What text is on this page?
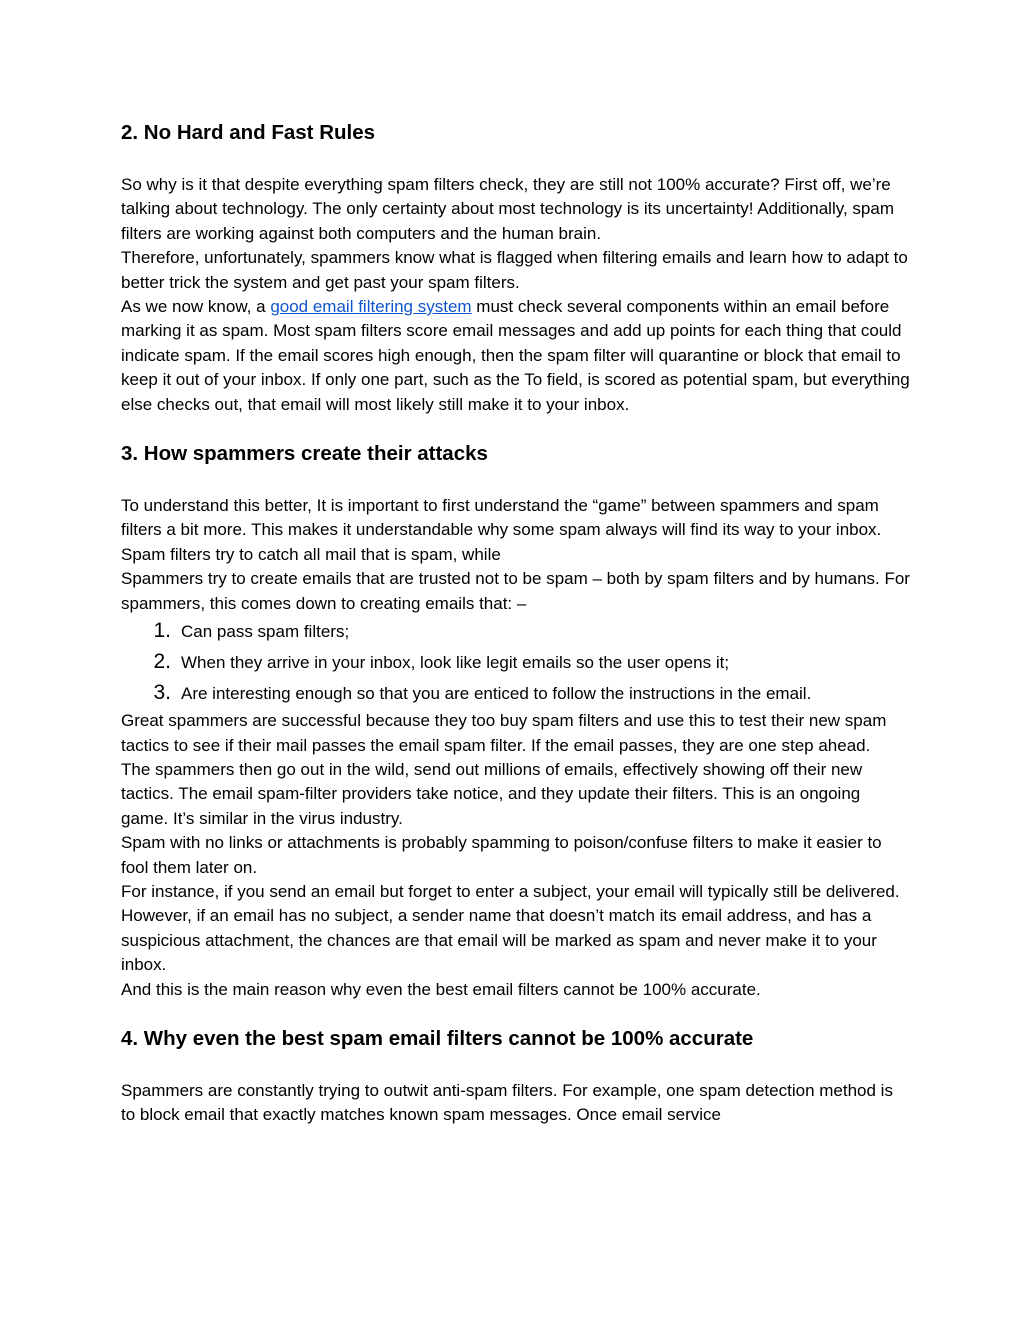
2. No Hard and Fast Rules

So why is it that despite everything spam filters check, they are still not 100% accurate? First off, we’re talking about technology. The only certainty about most technology is its uncertainty! Additionally, spam filters are working against both computers and the human brain.

Therefore, unfortunately, spammers know what is flagged when filtering emails and learn how to adapt to better trick the system and get past your spam filters.

As we now know, a good email filtering system must check several components within an email before marking it as spam. Most spam filters score email messages and add up points for each thing that could indicate spam. If the email scores high enough, then the spam filter will quarantine or block that email to keep it out of your inbox. If only one part, such as the To field, is scored as potential spam, but everything else checks out, that email will most likely still make it to your inbox.

3. How spammers create their attacks

To understand this better, It is important to first understand the “game” between spammers and spam filters a bit more. This makes it understandable why some spam always will find its way to your inbox.

Spam filters try to catch all mail that is spam, while

Spammers try to create emails that are trusted not to be spam – both by spam filters and by humans. For spammers, this comes down to creating emails that: –

1. Can pass spam filters;
2. When they arrive in your inbox, look like legit emails so the user opens it;
3. Are interesting enough so that you are enticed to follow the instructions in the email.

Great spammers are successful because they too buy spam filters and use this to test their new spam tactics to see if their mail passes the email spam filter. If the email passes, they are one step ahead.

The spammers then go out in the wild, send out millions of emails, effectively showing off their new tactics. The email spam-filter providers take notice, and they update their filters. This is an ongoing game. It’s similar in the virus industry.

Spam with no links or attachments is probably spamming to poison/confuse filters to make it easier to fool them later on.

For instance, if you send an email but forget to enter a subject, your email will typically still be delivered. However, if an email has no subject, a sender name that doesn’t match its email address, and has a suspicious attachment, the chances are that email will be marked as spam and never make it to your inbox.

And this is the main reason why even the best email filters cannot be 100% accurate.

4. Why even the best spam email filters cannot be 100% accurate

Spammers are constantly trying to outwit anti-spam filters. For example, one spam detection method is to block email that exactly matches known spam messages. Once email service
